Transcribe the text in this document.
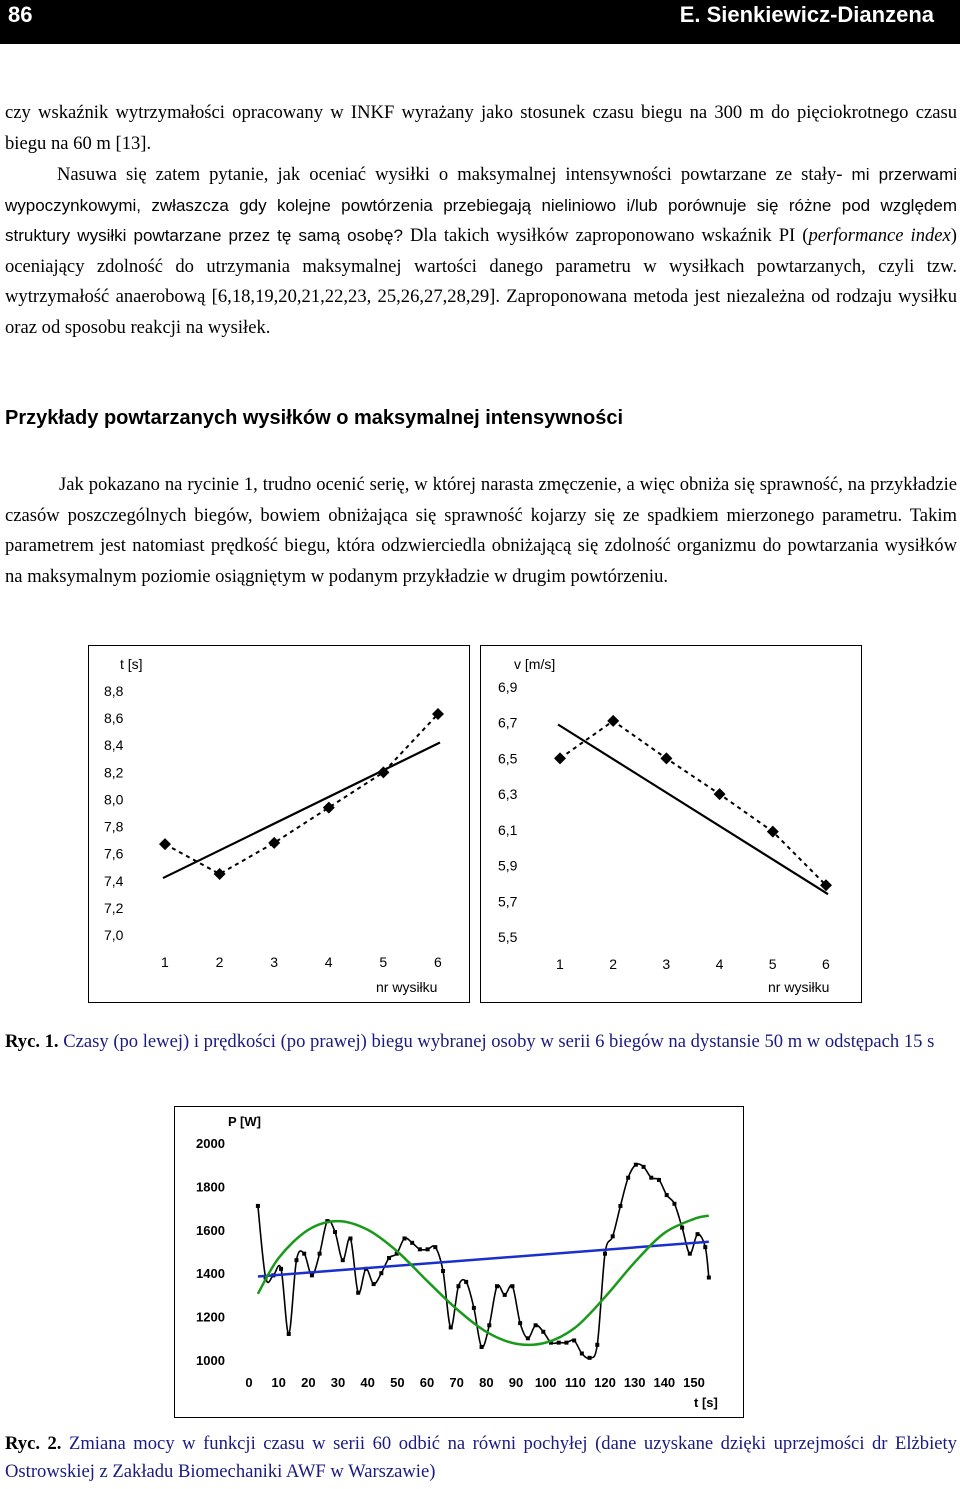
86	E. Sienkiewicz-Dianzena
czy wskaźnik wytrzymałości opracowany w INKF wyrażany jako stosunek czasu biegu na 300 m do pięciokrotnego czasu biegu na 60 m [13].
Nasuwa się zatem pytanie, jak oceniać wysiłki o maksymalnej intensywności powtarzane ze stały- mi przerwami wypoczynkowymi, zwłaszcza gdy kolejne powtórzenia przebiegają nieliniowo i/lub porównuje się różne pod względem struktury wysiłki powtarzane przez tę samą osobę? Dla takich wysiłków zaproponowano wskaźnik PI (performance index) oceniający zdolność do utrzymania maksymalnej wartości danego parametru w wysiłkach powtarzanych, czyli tzw. wytrzymałość anaerobową [6,18,19,20,21,22,23, 25,26,27,28,29]. Zaproponowana metoda jest niezależna od rodzaju wysiłku oraz od sposobu reakcji na wysiłek.
Przykłady powtarzanych wysiłków o maksymalnej intensywności
Jak pokazano na rycinie 1, trudno ocenić serię, w której narasta zmęczenie, a więc obniża się sprawność, na przykładzie czasów poszczególnych biegów, bowiem obniżająca się sprawność kojarzy się ze spadkiem mierzonego parametru. Takim parametrem jest natomiast prędkość biegu, która odzwierciedla obniżającą się zdolność organizmu do powtarzania wysiłków na maksymalnym poziomie osiągniętym w podanym przykładzie w drugim powtórzeniu.
t [s]
nr wysiłku
7,0
7,2
7,4
7,6
7,8
8,0
8,2
8,4
8,6
8,8
1	2	3	4	5	6
v [m/s]
nr wysiłku
5,5
5,7
5,9
6,1
6,3
6,5
6,7
6,9
1	2	3	4	5	6
Ryc. 1. Czasy (po lewej) i prędkości (po prawej) biegu wybranej osoby w serii 6 biegów na dystansie 50 m w odstępach 15 s
P [W]
t [s]
1000
1200
1400
1600
1800
2000
0 10 20 30 40 50 60 70 80 90 100 110 120 130 140 150
Ryc. 2. Zmiana mocy w funkcji czasu w serii 60 odbić na równi pochyłej (dane uzyskane dzięki uprzejmości dr Elżbiety Ostrowskiej z Zakładu Biomechaniki AWF w Warszawie)
